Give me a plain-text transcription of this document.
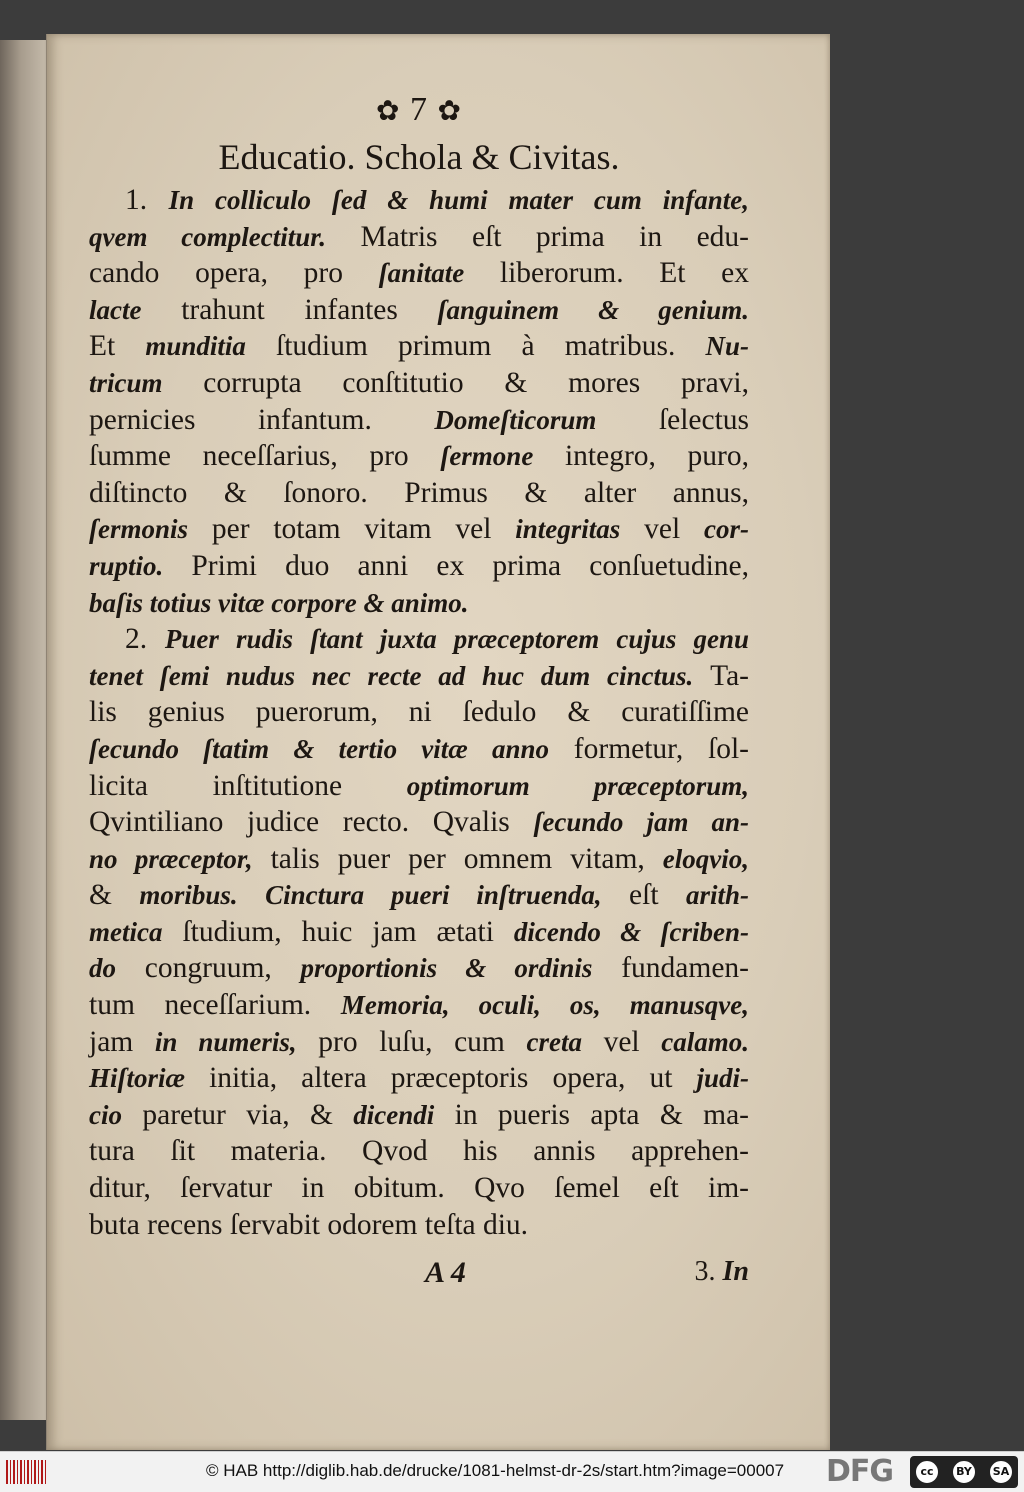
✿ 7 ✿
Educatio. Schola & Civitas.
1. In colliculo ſed & humi mater cum infante,
qvem complectitur. Matris eſt prima in edu-
cando opera, pro ſanitate liberorum. Et ex
lacte trahunt infantes ſanguinem & genium.
Et munditia ſtudium primum à matribus. Nu-
tricum corrupta conſtitutio & mores pravi,
pernicies infantum. Domeſticorum ſelectus
ſumme neceſſarius, pro ſermone integro, puro,
diſtincto & ſonoro. Primus & alter annus,
ſermonis per totam vitam vel integritas vel cor-
ruptio. Primi duo anni ex prima conſuetudine,
baſis totius vitæ corpore & animo.
2. Puer rudis ſtant juxta præceptorem cujus genu
tenet ſemi nudus nec recte ad huc dum cinctus. Ta-
lis genius puerorum, ni ſedulo & curatiſſime
ſecundo ſtatim & tertio vitæ anno formetur, ſol-
licita inſtitutione optimorum præceptorum,
Qvintiliano judice recto. Qvalis ſecundo jam an-
no præceptor, talis puer per omnem vitam, eloqvio,
& moribus. Cinctura pueri inſtruenda, eſt arith-
metica ſtudium, huic jam ætati dicendo & ſcriben-
do congruum, proportionis & ordinis fundamen-
tum neceſſarium. Memoria, oculi, os, manusqve,
jam in numeris, pro luſu, cum creta vel calamo.
Hiſtoriæ initia, altera præceptoris opera, ut judi-
cio paretur via, & dicendi in pueris apta & ma-
tura ſit materia. Qvod his annis apprehen-
ditur, ſervatur in obitum. Qvo ſemel eſt im-
buta recens ſervabit odorem teſta diu.
A 4	3. In
© HAB http://diglib.hab.de/drucke/1081-helmst-dr-2s/start.htm?image=00007 DFG	cc	BY	SA
